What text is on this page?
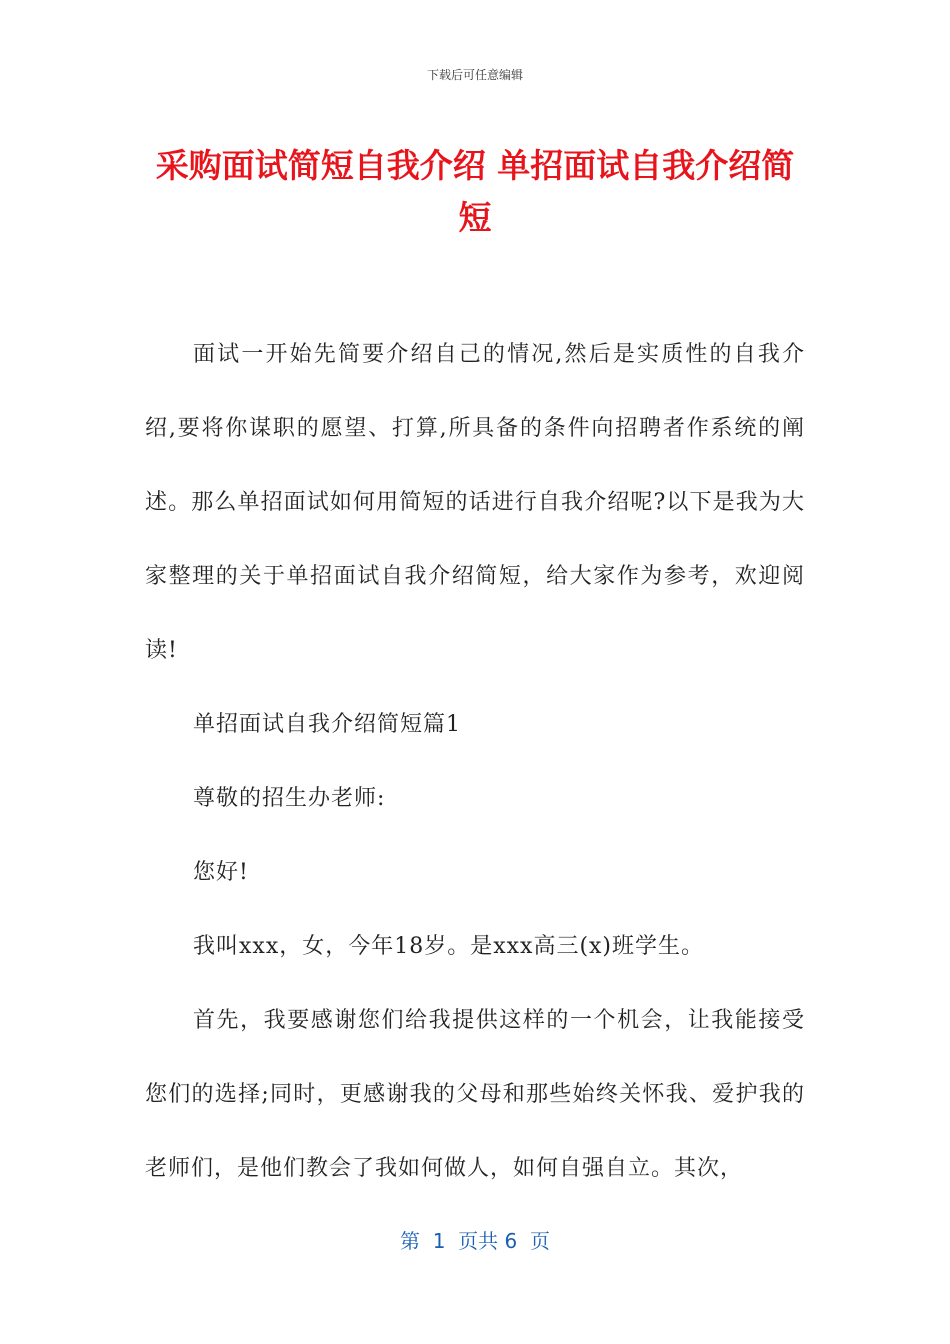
下载后可任意编辑
采购面试简短自我介绍 单招面试自我介绍简短

面试一开始先简要介绍自己的情况,然后是实质性的自我介绍,要将你谋职的愿望、打算,所具备的条件向招聘者作系统的阐述。那么单招面试如何用简短的话进行自我介绍呢?以下是我为大家整理的关于单招面试自我介绍简短，给大家作为参考，欢迎阅读!

单招面试自我介绍简短篇1

尊敬的招生办老师:

您好!

我叫xxx，女，今年18岁。是xxx高三(x)班学生。

首先，我要感谢您们给我提供这样的一个机会，让我能接受您们的选择;同时，更感谢我的父母和那些始终关怀我、爱护我的老师们，是他们教会了我如何做人，如何自强自立。其次，

第  1  页共 6  页
